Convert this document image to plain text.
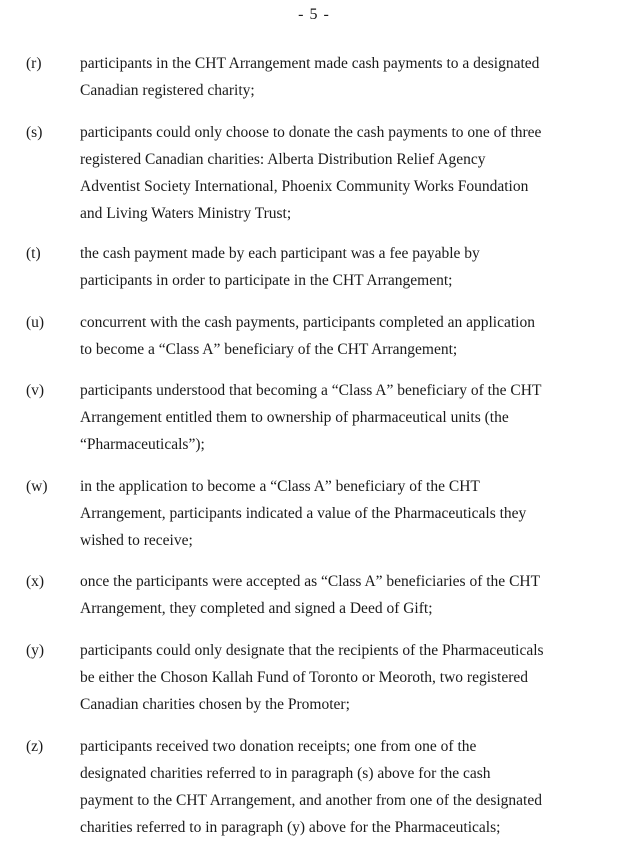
- 5 -
(r) participants in the CHT Arrangement made cash payments to a designated
Canadian registered charity;
(s) participants could only choose to donate the cash payments to one of three
registered Canadian charities: Alberta Distribution Relief Agency
Adventist Society International, Phoenix Community Works Foundation
and Living Waters Ministry Trust;
(t)	the cash payment made by each participant was a fee payable by
participants in order to participate in the CHT Arrangement;
(u) concurrent with the cash payments, participants completed an application
to become a “Class A” beneficiary of the CHT Arrangement;
(v) participants understood that becoming a “Class A” beneficiary of the CHT
Arrangement entitled them to ownership of pharmaceutical units (the
“Pharmaceuticals”);
(w) in the application to become a “Class A” beneficiary of the CHT
Arrangement, participants indicated a value of the Pharmaceuticals they
wished to receive;
(x) once the participants were accepted as “Class A” beneficiaries of the CHT
Arrangement, they completed and signed a Deed of Gift;
(y) participants could only designate that the recipients of the Pharmaceuticals
be either the Choson Kallah Fund of Toronto or Meoroth, two registered
Canadian charities chosen by the Promoter;
(z) participants received two donation receipts; one from one of the
designated charities referred to in paragraph (s) above for the cash
payment to the CHT Arrangement, and another from one of the designated
charities referred to in paragraph (y) above for the Pharmaceuticals;
